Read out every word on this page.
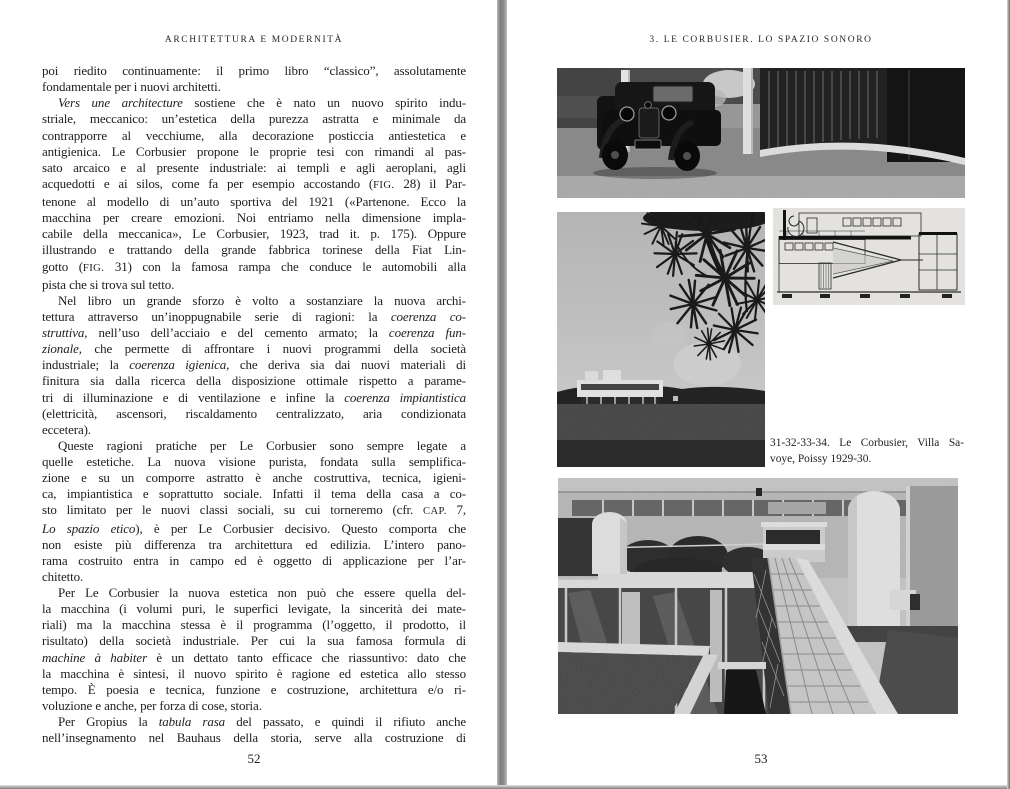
ARCHITETTURA E MODERNITÀ
poi riedito continuamente: il primo libro “classico”, assolutamente
fondamentale per i nuovi architetti.
Vers une architecture sostiene che è nato un nuovo spirito indu-
striale, meccanico: un’estetica della purezza astratta e minimale da
contrapporre al vecchiume, alla decorazione posticcia antiestetica e
antigienica. Le Corbusier propone le proprie tesi con rimandi al pas-
sato arcaico e al presente industriale: ai templi e agli aeroplani, agli
acquedotti e ai silos, come fa per esempio accostando (FIG. 28) il Par-
tenone al modello di un’auto sportiva del 1921 («Partenone. Ecco la
macchina per creare emozioni. Noi entriamo nella dimensione impla-
cabile della meccanica», Le Corbusier, 1923, trad it. p. 175). Oppure
illustrando e trattando della grande fabbrica torinese della Fiat Lin-
gotto (FIG. 31) con la famosa rampa che conduce le automobili alla
pista che si trova sul tetto.
Nel libro un grande sforzo è volto a sostanziare la nuova archi-
tettura attraverso un’inoppugnabile serie di ragioni: la coerenza co-
struttiva, nell’uso dell’acciaio e del cemento armato; la coerenza fun-
zionale, che permette di affrontare i nuovi programmi della società
industriale; la coerenza igienica, che deriva sia dai nuovi materiali di
finitura sia dalla ricerca della disposizione ottimale rispetto a parame-
tri di illuminazione e di ventilazione e infine la coerenza impiantistica
(elettricità, ascensori, riscaldamento centralizzato, aria condizionata
eccetera).
Queste ragioni pratiche per Le Corbusier sono sempre legate a
quelle estetiche. La nuova visione purista, fondata sulla semplifica-
zione e su un comporre astratto è anche costruttiva, tecnica, igieni-
ca, impiantistica e soprattutto sociale. Infatti il tema della casa a co-
sto limitato per le nuovi classi sociali, su cui torneremo (cfr. CAP. 7,
Lo spazio etico), è per Le Corbusier decisivo. Questo comporta che
non esiste più differenza tra architettura ed edilizia. L’intero pano-
rama costruito entra in campo ed è oggetto di applicazione per l’ar-
chitetto.
Per Le Corbusier la nuova estetica non può che essere quella del-
la macchina (i volumi puri, le superfici levigate, la sincerità dei mate-
riali) ma la macchina stessa è il programma (l’oggetto, il prodotto, il
risultato) della società industriale. Per cui la sua famosa formula di
machine à habiter è un dettato tanto efficace che riassuntivo: dato che
la macchina è sintesi, il nuovo spirito è ragione ed estetica allo stesso
tempo. È poesia e tecnica, funzione e costruzione, architettura e/o ri-
voluzione e anche, per forza di cose, storia.
Per Gropius la tabula rasa del passato, e quindi il rifiuto anche
nell’insegnamento nel Bauhaus della storia, serve alla costruzione di
52
3. LE CORBUSIER. LO SPAZIO SONORO
31-32-33-34. Le Corbusier, Villa Sa-
voye, Poissy 1929-30.
53
